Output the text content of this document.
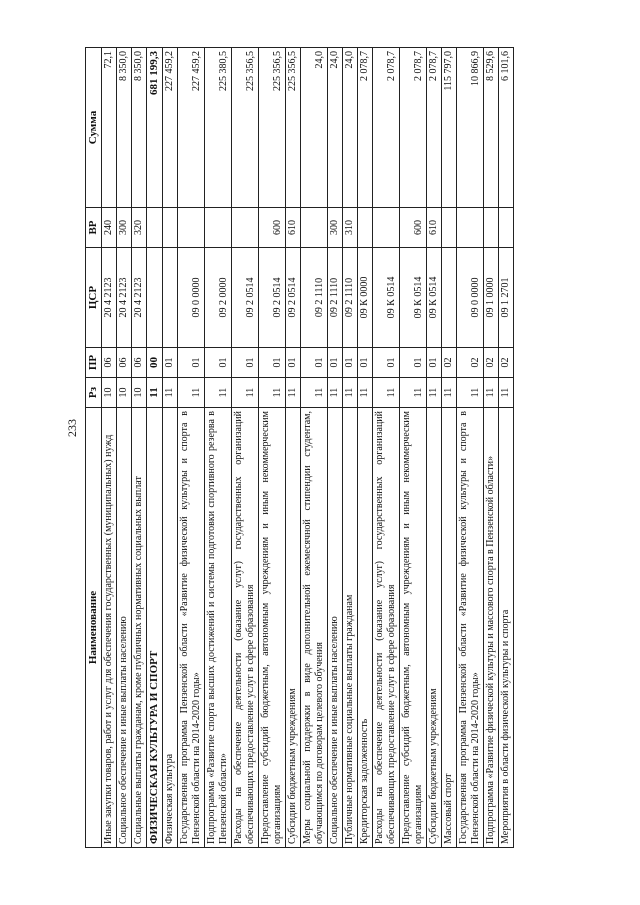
233
Наименование	Рз	ПР	ЦСР	ВР	Сумма
Иные закупки товаров, работ и услуг для обеспечения государственных (муниципальных) нужд	10	06	20 4 2123	240	72,1
Социальное обеспечение и иные выплаты населению	10	06	20 4 2123	300	8 350,0
Социальные выплаты гражданам, кроме публичных нормативных социальных выплат	10	06	20 4 2123	320	8 350,0
ФИЗИЧЕСКАЯ КУЛЬТУРА И СПОРТ	11	00			681 199,3
Физическая культура	11	01			227 459,2
Государственная программа Пензенской области «Развитие физической культуры и спорта в Пензенской области на 2014-2020 годы»	11	01	09 0 0000		227 459,2
Подпрограмма «Развитие спорта высших достижений и системы подготовки спортивного резерва в Пензенской области»	11	01	09 2 0000		225 380,5
Расходы на обеспечение деятельности (оказание услуг) государственных организаций обеспечивающих предоставление услуг в сфере образования	11	01	09 2 0514		225 356,5
Предоставление субсидий бюджетным, автономным учреждениям и иным некоммерческим организациям	11	01	09 2 0514	600	225 356,5
Субсидии бюджетным учреждениям	11	01	09 2 0514	610	225 356,5
Меры социальной поддержки в виде дополнительной ежемесячной стипендии студентам, обучающимся по договорам целевого обучения	11	01	09 2 1110		24,0
Социальное обеспечение и иные выплаты населению	11	01	09 2 1110	300	24,0
Публичные нормативные социальные выплаты гражданам	11	01	09 2 1110	310	24,0
Кредиторская задолженность	11	01	09 К 0000		2 078,7
Расходы на обеспечение деятельности (оказание услуг) государственных организаций обеспечивающих предоставление услуг в сфере образования	11	01	09 К 0514		2 078,7
Предоставление субсидий бюджетным, автономным учреждениям и иным некоммерческим организациям	11	01	09 К 0514	600	2 078,7
Субсидии бюджетным учреждениям	11	01	09 К 0514	610	2 078,7
Массовый спорт	11	02			115 797,0
Государственная программа Пензенской области «Развитие физической культуры и спорта в Пензенской области на 2014-2020 годы»	11	02	09 0 0000		10 866,9
Подпрограмма «Развитие физической культуры и массового спорта в Пензенской области»	11	02	09 1 0000		8 529,6
Мероприятия в области физической культуры и спорта	11	02	09 1 2701		6 101,6
